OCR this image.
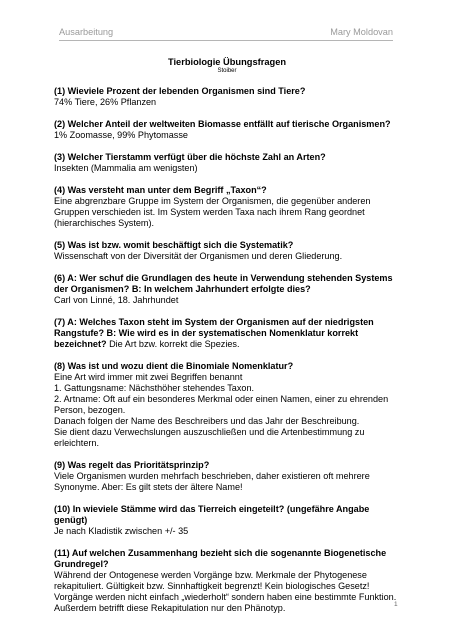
Ausarbeitung	Mary Moldovan
Tierbiologie Übungsfragen
Stoiber
(1) Wieviele Prozent der lebenden Organismen sind Tiere?
74% Tiere, 26% Pflanzen
(2) Welcher Anteil der weltweiten Biomasse entfällt auf tierische Organismen?
1% Zoomasse, 99% Phytomasse
(3) Welcher Tierstamm verfügt über die höchste Zahl an Arten?
Insekten (Mammalia am wenigsten)
(4) Was versteht man unter dem Begriff „Taxon“?
Eine abgrenzbare Gruppe im System der Organismen, die gegenüber anderen Gruppen verschieden ist. Im System werden Taxa nach ihrem Rang geordnet (hierarchisches System).
(5) Was ist bzw. womit beschäftigt sich die Systematik?
Wissenschaft von der Diversität der Organismen und deren Gliederung.
(6) A: Wer schuf die Grundlagen des heute in Verwendung stehenden Systems der Organismen? B: In welchem Jahrhundert erfolgte dies?
Carl von Linné, 18. Jahrhundet
(7) A: Welches Taxon steht im System der Organismen auf der niedrigsten Rangstufe? B: Wie wird es in der systematischen Nomenklatur korrekt bezeichnet? Die Art bzw. korrekt die Spezies.
(8) Was ist und wozu dient die Binomiale Nomenklatur?
Eine Art wird immer mit zwei Begriffen benannt
1. Gattungsname: Nächsthöher stehendes Taxon.
2. Artname: Oft auf ein besonderes Merkmal oder einen Namen, einer zu ehrenden Person, bezogen.
Danach folgen der Name des Beschreibers und das Jahr der Beschreibung.
Sie dient dazu Verwechslungen auszuschließen und die Artenbestimmung zu erleichtern.
(9) Was regelt das Prioritätsprinzip?
Viele Organismen wurden mehrfach beschrieben, daher existieren oft mehrere Synonyme. Aber: Es gilt stets der ältere Name!
(10) In wieviele Stämme wird das Tierreich eingeteilt? (ungefähre Angabe genügt)
Je nach Kladistik zwischen +/- 35
(11) Auf welchen Zusammenhang bezieht sich die sogenannte Biogenetische Grundregel?
Während der Ontogenese werden Vorgänge bzw. Merkmale der Phytogenese rekapituliert. Gültigkeit bzw. Sinnhaftigkeit begrenzt! Kein biologisches Gesetz! Vorgänge werden nicht einfach „wiederholt“ sondern haben eine bestimmte Funktion. Außerdem betrifft diese Rekapitulation nur den Phänotyp.	1
